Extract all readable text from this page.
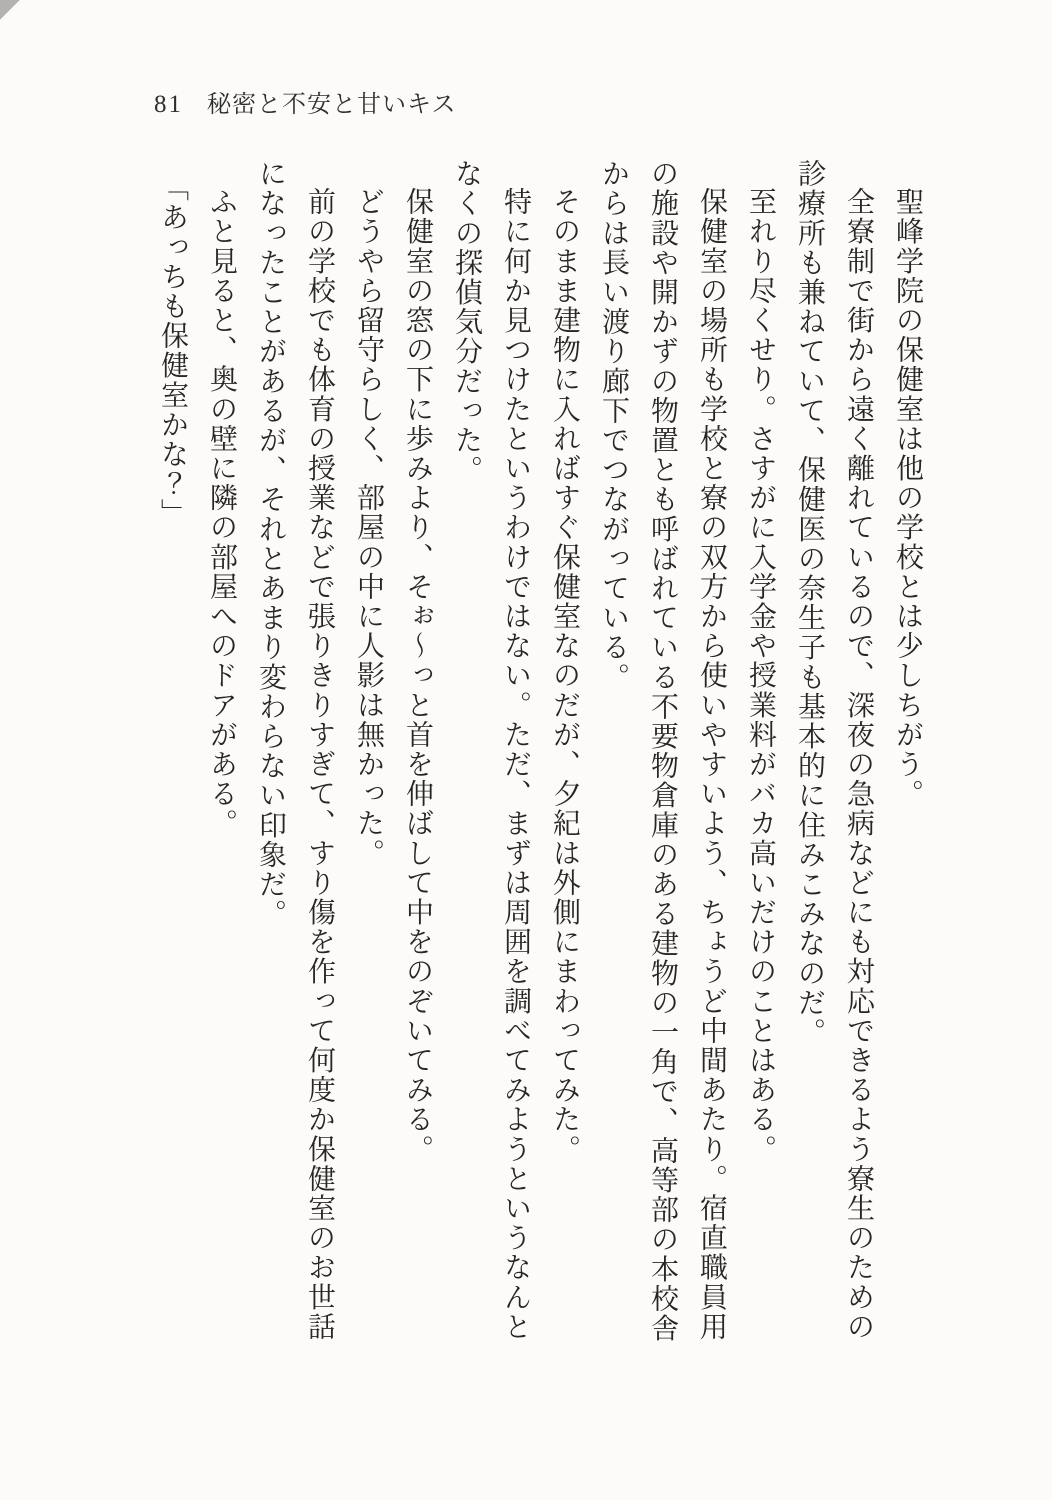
81 秘密と不安と甘いキス

聖峰学院の保健室は他の学校とは少しちがう。

全寮制で街から遠く離れているので、深夜の急病などにも対応できるよう寮生のための診療所も兼ねていて、保健医の奈生子も基本的に住みこみなのだ。

至れり尽くせり。さすがに入学金や授業料がバカ高いだけのことはある。

保健室の場所も学校と寮の双方から使いやすいよう、ちょうど中間あたり。宿直職員用の施設や開かずの物置とも呼ばれている不要物倉庫のある建物の一角で、高等部の本校舎からは長い渡り廊下でつながっている。

そのまま建物に入ればすぐ保健室なのだが、夕紀は外側にまわってみた。

特に何か見つけたというわけではない。ただ、まずは周囲を調べてみようというなんとなくの探偵気分だった。

保健室の窓の下に歩みより、そぉ〜っと首を伸ばして中をのぞいてみる。

どうやら留守らしく、部屋の中に人影は無かった。

前の学校でも体育の授業などで張りきりすぎて、すり傷を作って何度か保健室のお世話になったことがあるが、それとあまり変わらない印象だ。

ふと見ると、奥の壁に隣の部屋へのドアがある。

「あっちも保健室かな？」
